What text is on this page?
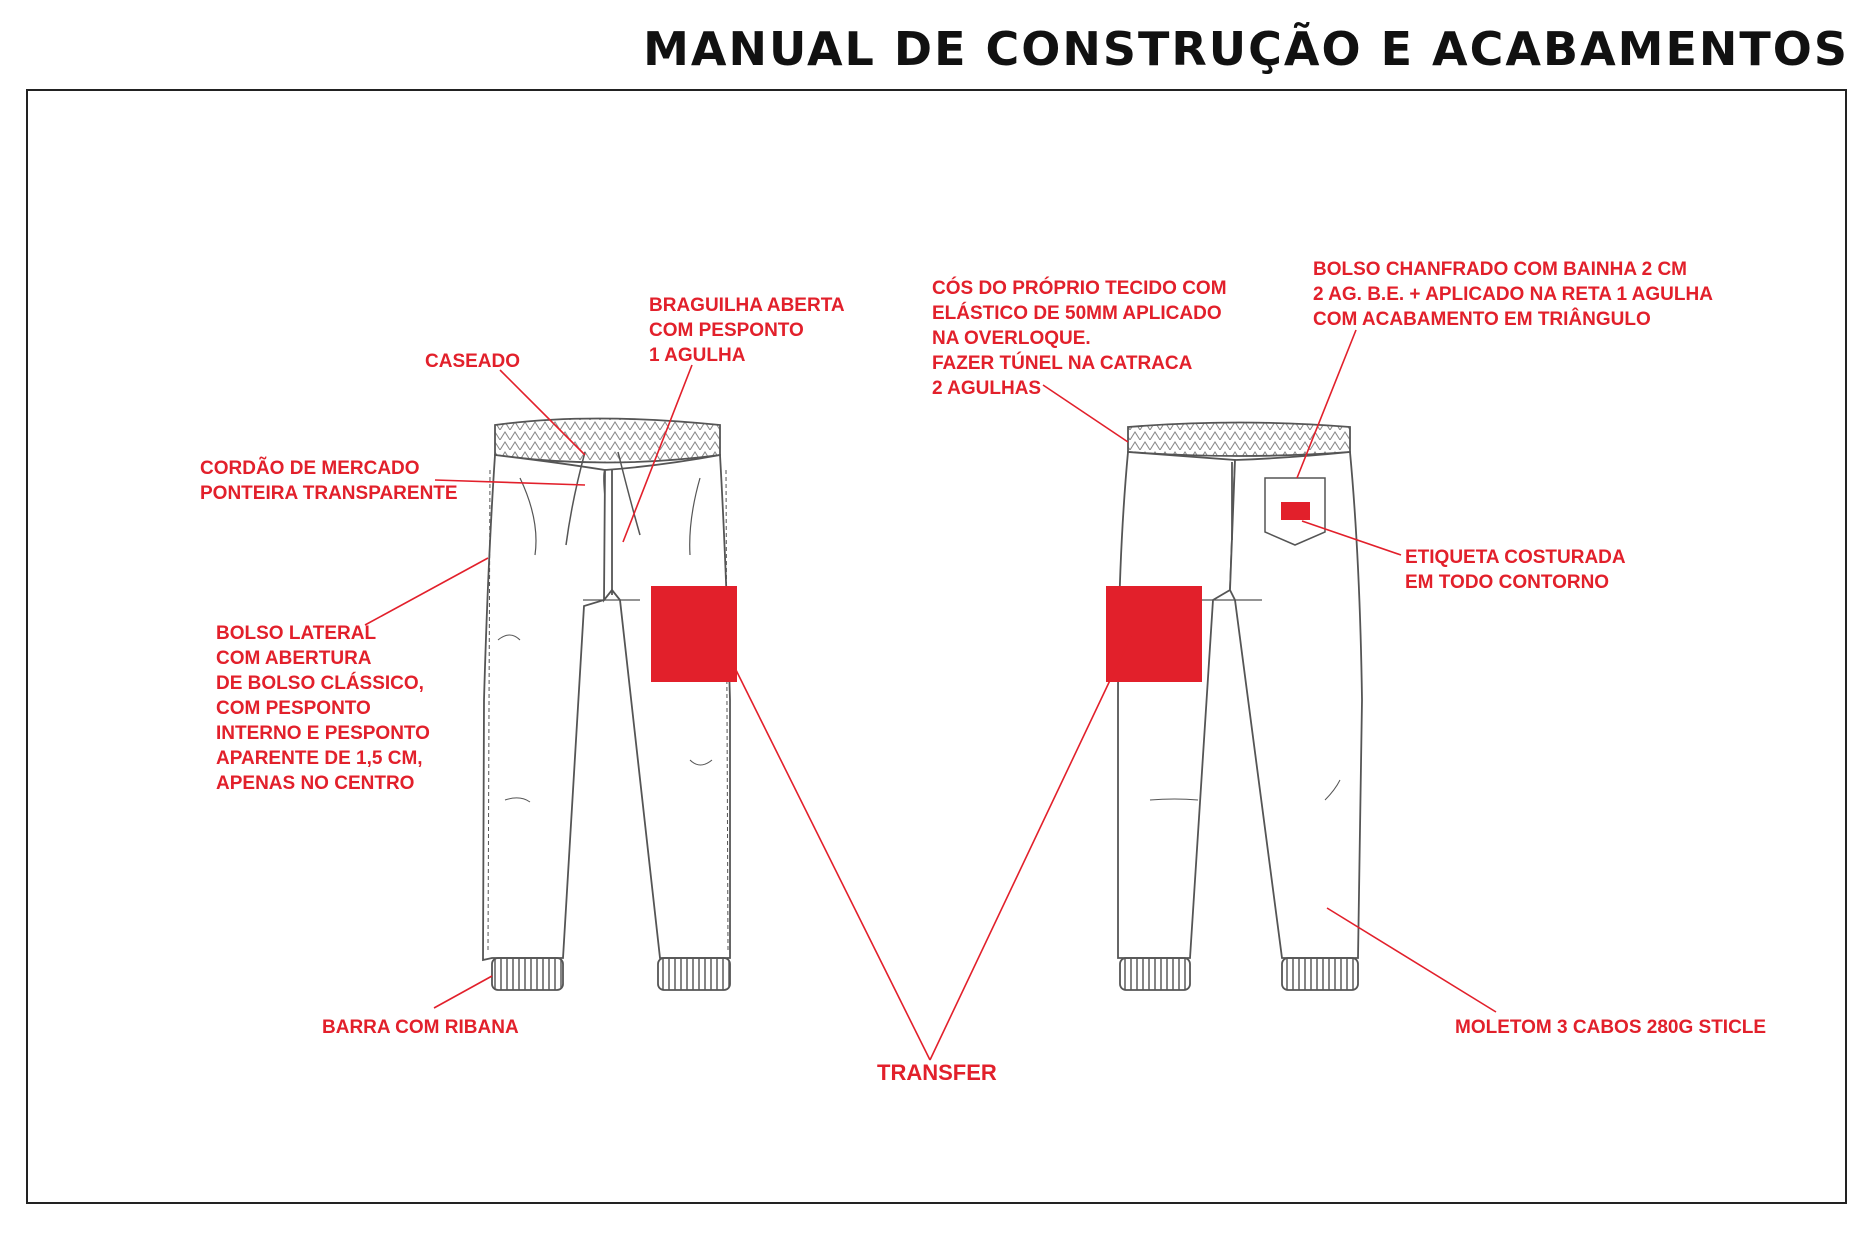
MANUAL DE CONSTRUÇÃO E ACABAMENTOS
CASEADO
BRAGUILHA ABERTA
COM PESPONTO
1 AGULHA
CORDÃO DE MERCADO
PONTEIRA TRANSPARENTE
BOLSO LATERAL
COM ABERTURA
DE BOLSO CLÁSSICO,
COM PESPONTO
INTERNO E PESPONTO
APARENTE DE 1,5 CM,
APENAS NO CENTRO
BARRA COM RIBANA
TRANSFER
CÓS DO PRÓPRIO TECIDO COM
ELÁSTICO DE 50MM APLICADO
NA OVERLOQUE.
FAZER TÚNEL NA CATRACA
2 AGULHAS
BOLSO CHANFRADO COM BAINHA 2 CM
2 AG. B.E. + APLICADO NA RETA 1 AGULHA
COM ACABAMENTO EM TRIÂNGULO
ETIQUETA COSTURADA
EM TODO CONTORNO
MOLETOM 3 CABOS 280G STICLE
